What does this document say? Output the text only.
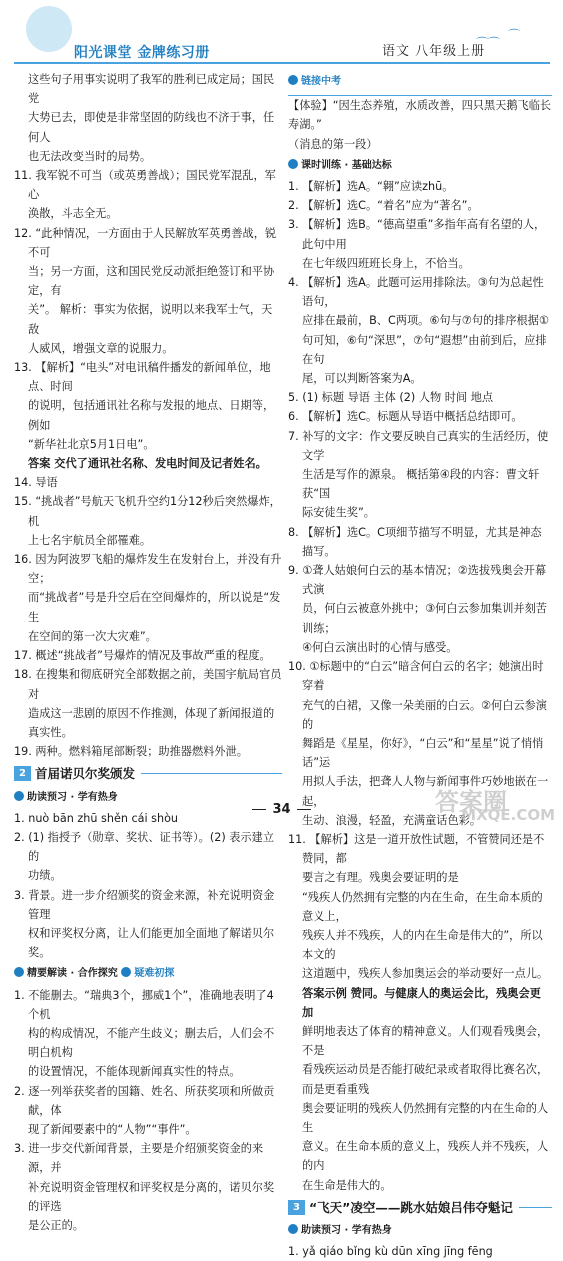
阳光课堂 金牌练习册	语文 八年级上册
⌒⌒
⌒
这些句子用事实说明了我军的胜利已成定局；国民党
大势已去，即使是非常坚固的防线也不济于事，任何人
也无法改变当时的局势。
11. 我军锐不可当（或英勇善战）；国民党军混乱，军心
涣散，斗志全无。
12. “此种情况，一方面由于人民解放军英勇善战，锐不可
当；另一方面，这和国民党反动派拒绝签订和平协定，有
关”。 解析：事实为依据，说明以来我军士气，天敌
人威风，增强文章的说服力。
13. 【解析】“电头”对电讯稿件播发的新闻单位，地点、时间
的说明，包括通讯社名称与发报的地点、日期等，例如
“新华社北京5月1日电”。
答案 交代了通讯社名称、发电时间及记者姓名。
14. 导语
15. “挑战者”号航天飞机升空约1分12秒后突然爆炸，机
上七名宇航员全部罹难。
16. 因为阿波罗飞船的爆炸发生在发射台上，并没有升空；
而“挑战者”号是升空后在空间爆炸的，所以说是“发生
在空间的第一次大灾难”。
17. 概述“挑战者”号爆炸的情况及事故严重的程度。
18. 在搜集和彻底研究全部数据之前，美国宇航局官员对
造成这一悲剧的原因不作推测，体现了新闻报道的真实性。
19. 两种。燃料箱尾部断裂；助推器燃料外泄。
2 首届诺贝尔奖颁发
助读预习 · 学有热身
1. nuò bān zhū shěn cái shòu
2. (1) 指授予（勋章、奖状、证书等）。(2) 表示建立的
功绩。
3. 背景。进一步介绍颁奖的资金来源，补充说明资金管理
权和评奖权分离，让人们能更加全面地了解诺贝尔奖。
精要解读 · 合作探究 疑难初探
1. 不能删去。“瑞典3个，挪威1个”，准确地表明了4个机
构的构成情况，不能产生歧义；删去后，人们会不明白机构
的设置情况，不能体现新闻真实性的特点。
2. 逐一列举获奖者的国籍、姓名、所获奖项和所做贡献，体
现了新闻要素中的“人物”“事件”。
3. 进一步交代新闻背景，主要是介绍颁奖资金的来源，并
补充说明资金管理权和评奖权是分离的，诺贝尔奖的评选
是公正的。
链接中考
【体验】“因生态养殖，水质改善，四只黑天鹅飞临长寿湖。”
（消息的第一段）
课时训练 · 基础达标
1. 【解析】选A。“翱”应读zhū。
2. 【解析】选C。“着名”应为“著名”。
3. 【解析】选B。“德高望重”多指年高有名望的人，此句中用
在七年级四班班长身上，不恰当。
4. 【解析】选A。此题可运用排除法。③句为总起性语句，
应排在最前，B、C两项。⑥句与⑦句的排序根据①
句可知，⑥句“深思”，⑦句“遐想”由前到后，应排在句
尾，可以判断答案为A。
5. (1) 标题 导语 主体 (2) 人物 时间 地点
6. 【解析】选C。标题从导语中概括总结即可。
7. 补写的文字：作文要反映自己真实的生活经历，使文学
生活是写作的源泉。 概括第④段的内容：曹文轩获“国
际安徒生奖”。
8. 【解析】选C。C项细节描写不明显，尤其是神态描写。
9. ①聋人姑娘何白云的基本情况；②选拔残奥会开幕式演
员，何白云被意外挑中；③何白云参加集训并刻苦训练；
④何白云演出时的心情与感受。
10. ①标题中的“白云”暗含何白云的名字；她演出时穿着
充气的白裙，又像一朵美丽的白云。②何白云参演的
舞蹈是《星星，你好》，“白云”和“星星”说了悄悄话”运
用拟人手法，把聋人人物与新闻事件巧妙地嵌在一起，
生动、浪漫，轻盈，充满童话色彩。
11. 【解析】这是一道开放性试题，不管赞同还是不赞同，都
要言之有理。残奥会要证明的是
“残疾人仍然拥有完整的内在生命，在生命本质的意义上，
残疾人并不残疾，人的内在生命是伟大的”，所以本文的
这道题中，残疾人参加奥运会的举动要好一点儿。
答案示例 赞同。与健康人的奥运会比，残奥会更加
鲜明地表达了体育的精神意义。人们观看残奥会，不是
看残疾运动员是否能打破纪录或者取得比赛名次，而是更看重残
奥会要证明的残疾人仍然拥有完整的内在生命的人生
意义。在生命本质的意义上，残疾人并不残疾，人的内
在生命是伟大的。
3 “飞天”凌空——跳水姑娘吕伟夺魁记
助读预习 · 学有热身
1. yǎ qiáo bǐng kù dūn xīng jīng fēng
34	答案圈
MXQE.COM
